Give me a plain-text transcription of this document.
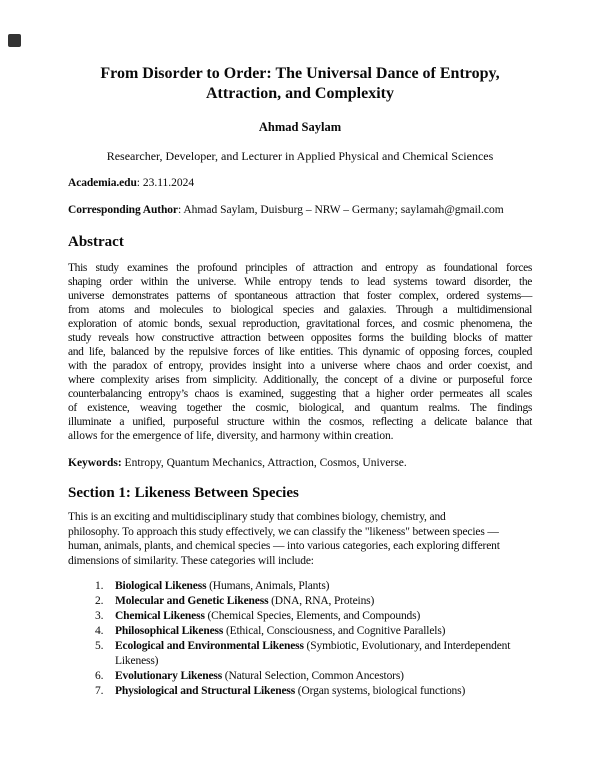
From Disorder to Order: The Universal Dance of Entropy,
Attraction, and Complexity
Ahmad Saylam
Researcher, Developer, and Lecturer in Applied Physical and Chemical Sciences
Academia.edu: 23.11.2024
Corresponding Author: Ahmad Saylam, Duisburg – NRW – Germany; saylamah@gmail.com
Abstract
This study examines the profound principles of attraction and entropy as foundational forces
shaping order within the universe. While entropy tends to lead systems toward disorder, the
universe demonstrates patterns of spontaneous attraction that foster complex, ordered systems—
from atoms and molecules to biological species and galaxies. Through a multidimensional
exploration of atomic bonds, sexual reproduction, gravitational forces, and cosmic phenomena, the
study reveals how constructive attraction between opposites forms the building blocks of matter
and life, balanced by the repulsive forces of like entities. This dynamic of opposing forces, coupled
with the paradox of entropy, provides insight into a universe where chaos and order coexist, and
where complexity arises from simplicity. Additionally, the concept of a divine or purposeful force
counterbalancing entropy’s chaos is examined, suggesting that a higher order permeates all scales
of existence, weaving together the cosmic, biological, and quantum realms. The findings
illuminate a unified, purposeful structure within the cosmos, reflecting a delicate balance that
allows for the emergence of life, diversity, and harmony within creation.
Keywords: Entropy, Quantum Mechanics, Attraction, Cosmos, Universe.
Section 1: Likeness Between Species
This is an exciting and multidisciplinary study that combines biology, chemistry, and
philosophy. To approach this study effectively, we can classify the "likeness" between species —
human, animals, plants, and chemical species — into various categories, each exploring different
dimensions of similarity. These categories will include:
1. Biological Likeness (Humans, Animals, Plants)
2. Molecular and Genetic Likeness (DNA, RNA, Proteins)
3. Chemical Likeness (Chemical Species, Elements, and Compounds)
4. Philosophical Likeness (Ethical, Consciousness, and Cognitive Parallels)
5. Ecological and Environmental Likeness (Symbiotic, Evolutionary, and Interdependent Likeness)
6. Evolutionary Likeness (Natural Selection, Common Ancestors)
7. Physiological and Structural Likeness (Organ systems, biological functions)
